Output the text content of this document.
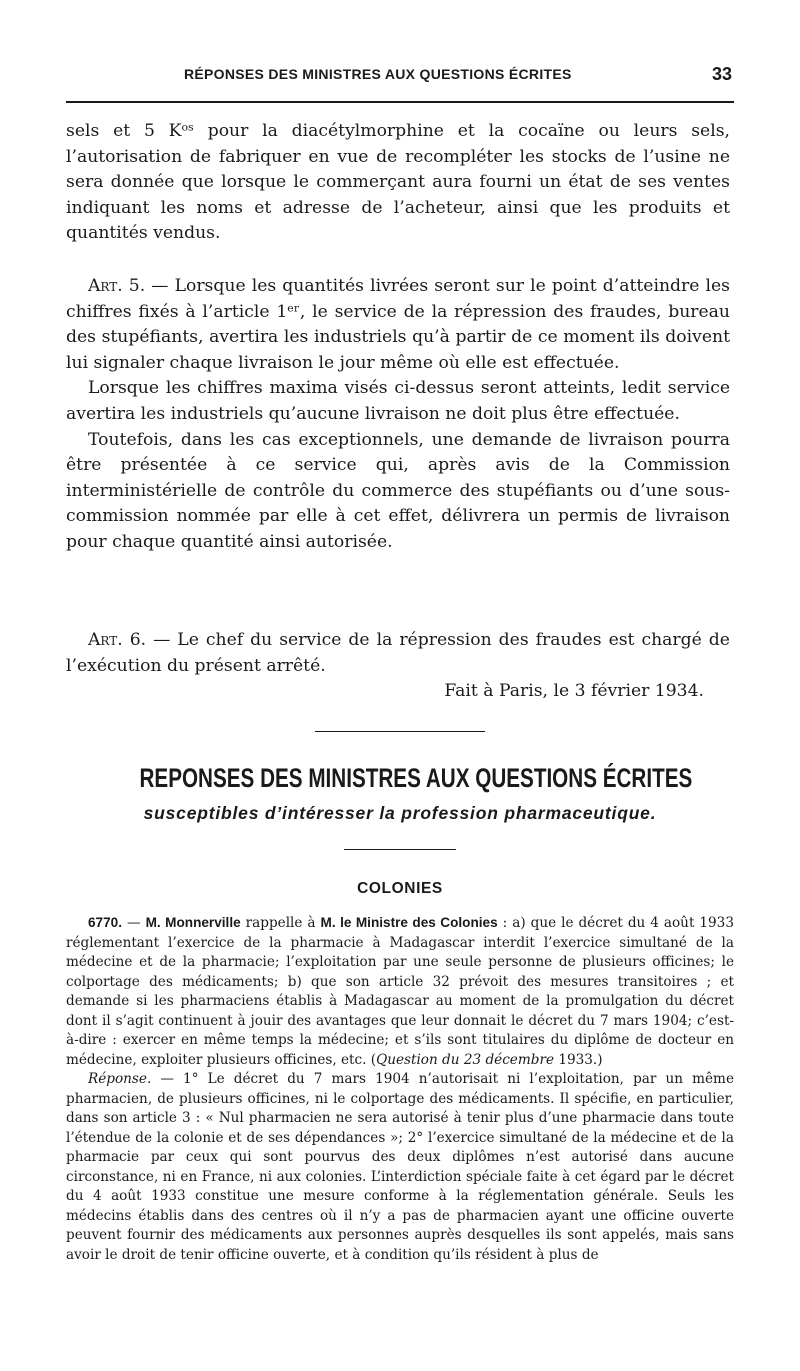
RÉPONSES DES MINISTRES AUX QUESTIONS ÉCRITES	33

sels et 5 Kᵒˢ pour la diacétylmorphine et la cocaïne ou leurs sels, l’autorisation de fabriquer en vue de recompléter les stocks de l’usine ne sera donnée que lorsque le commerçant aura fourni un état de ses ventes indiquant les noms et adresse de l’acheteur, ainsi que les produits et quantités vendus.

Art. 5. — Lorsque les quantités livrées seront sur le point d’atteindre les chiffres fixés à l’article 1ᵉʳ, le service de la répression des fraudes, bureau des stupéfiants, avertira les industriels qu’à partir de ce moment ils doivent lui signaler chaque livraison le jour même où elle est effectuée.

Lorsque les chiffres maxima visés ci-dessus seront atteints, ledit service avertira les industriels qu’aucune livraison ne doit plus être effectuée.

Toutefois, dans les cas exceptionnels, une demande de livraison pourra être présentée à ce service qui, après avis de la Commission interministérielle de contrôle du commerce des stupéfiants ou d’une sous-commission nommée par elle à cet effet, délivrera un permis de livraison pour chaque quantité ainsi autorisée.

Art. 6. — Le chef du service de la répression des fraudes est chargé de l’exécution du présent arrêté.

Fait à Paris, le 3 février 1934.

REPONSES DES MINISTRES AUX QUESTIONS ÉCRITES
susceptibles d’intéresser la profession pharmaceutique.
COLONIES

6770. — M. Monnerville rappelle à M. le Ministre des Colonies : a) que le décret du 4 août 1933 réglementant l’exercice de la pharmacie à Madagascar interdit l’exercice simultané de la médecine et de la pharmacie; l’exploitation par une seule personne de plusieurs officines; le colportage des médicaments; b) que son article 32 prévoit des mesures transitoires ; et demande si les pharmaciens établis à Madagascar au moment de la promulgation du décret dont il s’agit continuent à jouir des avantages que leur donnait le décret du 7 mars 1904; c’est-à-dire : exercer en même temps la médecine; et s’ils sont titulaires du diplôme de docteur en médecine, exploiter plusieurs officines, etc. (Question du 23 décembre 1933.)

Réponse. — 1° Le décret du 7 mars 1904 n’autorisait ni l’exploitation, par un même pharmacien, de plusieurs officines, ni le colportage des médicaments. Il spécifie, en particulier, dans son article 3 : « Nul pharmacien ne sera autorisé à tenir plus d’une pharmacie dans toute l’étendue de la colonie et de ses dépendances »; 2° l’exercice simultané de la médecine et de la pharmacie par ceux qui sont pourvus des deux diplômes n’est autorisé dans aucune circonstance, ni en France, ni aux colonies. L’interdiction spéciale faite à cet égard par le décret du 4 août 1933 constitue une mesure conforme à la réglementation générale. Seuls les médecins établis dans des centres où il n’y a pas de pharmacien ayant une officine ouverte peuvent fournir des médicaments aux personnes auprès desquelles ils sont appelés, mais sans avoir le droit de tenir officine ouverte, et à condition qu’ils résident à plus de
